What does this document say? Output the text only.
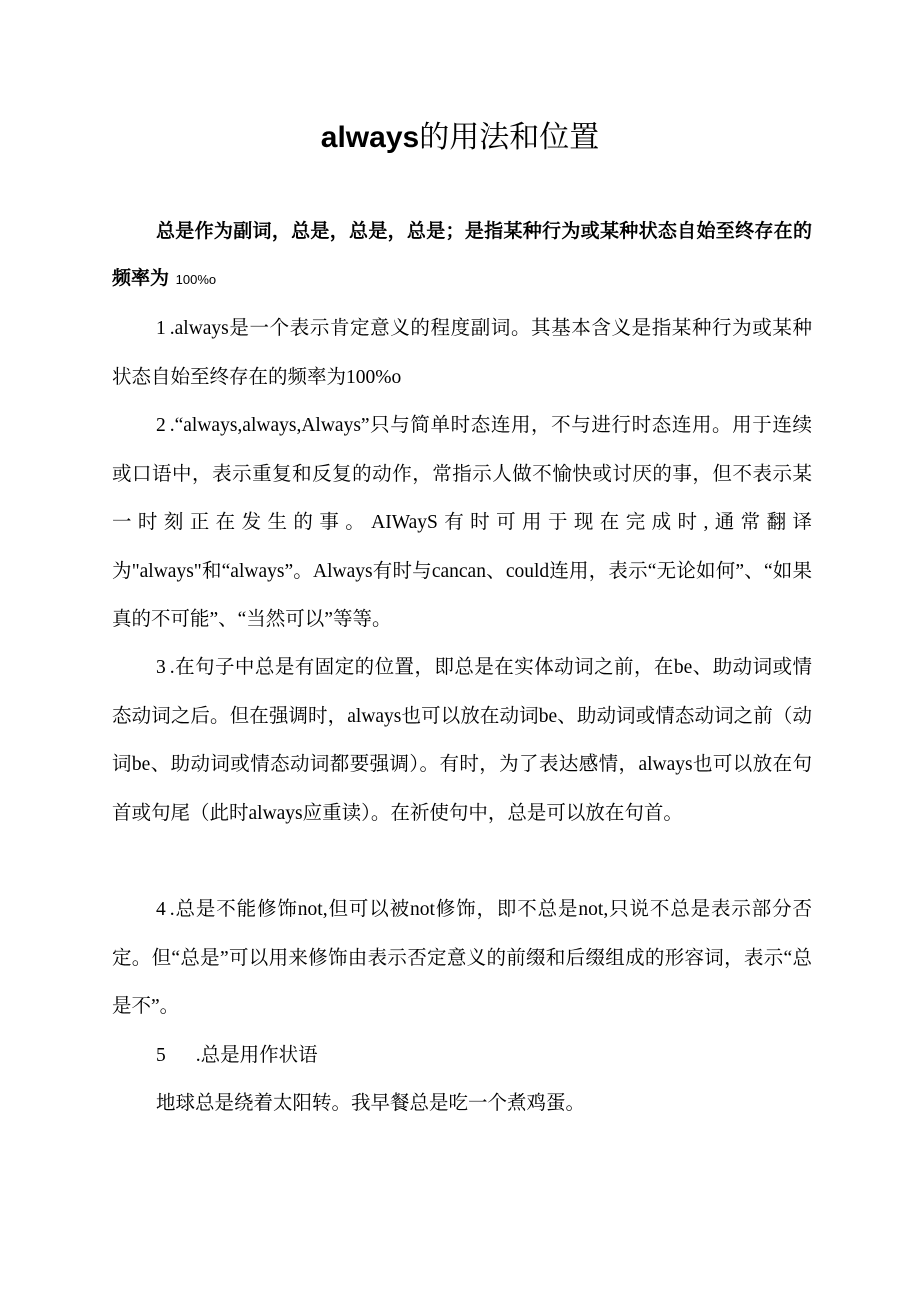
always的用法和位置

总是作为副词，总是，总是，总是；是指某种行为或某种状态自始至终存在的频率为 100%o

1 .always是一个表示肯定意义的程度副词。其基本含义是指某种行为或某种状态自始至终存在的频率为100%o

2 .“always,always,Always”只与简单时态连用，不与进行时态连用。用于连续或口语中，表示重复和反复的动作，常指示人做不愉快或讨厌的事，但不表示某一时刻正在发生的事。AIWayS有时可用于现在完成时,通常翻译为"always"和“always”。Always有时与cancan、could连用，表示“无论如何”、“如果真的不可能”、“当然可以”等等。

3 .在句子中总是有固定的位置，即总是在实体动词之前，在be、助动词或情态动词之后。但在强调时，always也可以放在动词be、助动词或情态动词之前（动词be、助动词或情态动词都要强调）。有时，为了表达感情，always也可以放在句首或句尾（此时always应重读）。在祈使句中，总是可以放在句首。

4 .总是不能修饰not,但可以被not修饰，即不总是not,只说不总是表示部分否定。但“总是”可以用来修饰由表示否定意义的前缀和后缀组成的形容词，表示“总是不”。

5 .总是用作状语

地球总是绕着太阳转。我早餐总是吃一个煮鸡蛋。
